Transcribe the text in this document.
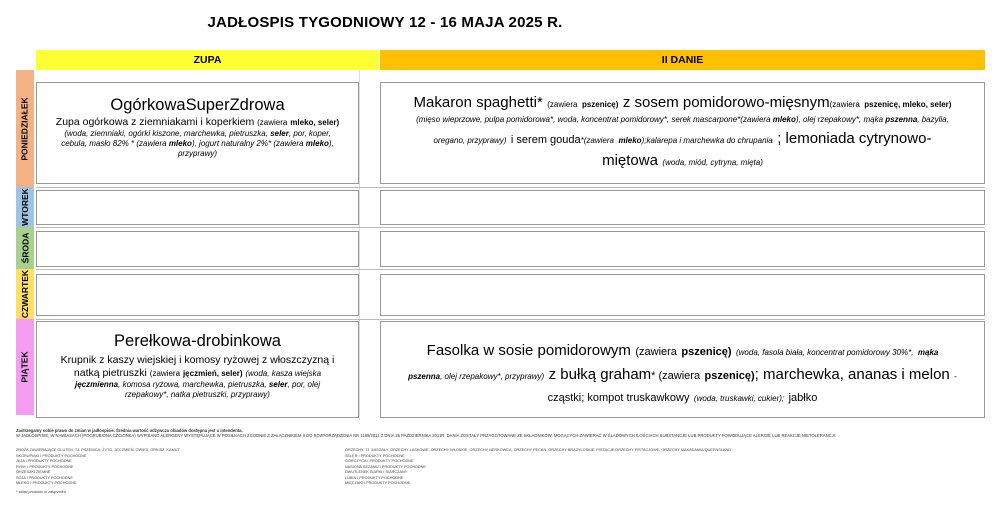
JADŁOSPIS TYGODNIOWY 12 - 16 MAJA 2025 R.
ZUPA	II DANIE
PONIEDZIAŁEK
WTOREK
ŚRODA
CZWARTEK
PIĄTEK
OgórkowaSuperZdrowa
Zupa ogórkowa z ziemniakami i koperkiem (zawiera mleko, seler)
(woda, ziemniaki, ogórki kiszone, marchewka, pietruszka, seler, por, koper,
cebula, masło 82% * (zawiera mleko), jogurt naturalny 2%* (zawiera mleko),
przyprawy)
Makaron spaghetti* (zawiera pszenicę) z sosem pomidorowo-mięsnym(zawiera pszenicę, mleko, seler)
(mięso wieprzowe, pulpa pomidorowa*, woda, koncentrat pomidorowy*, serek mascarpone*(zawiera mleko), olej rzepakowy*, mąka pszenna, bazylia,
oregano, przyprawy) i serem gouda*(zawiera mleko);kalarepa i marchewka do chrupania ; lemoniada cytrynowo-
miętowa (woda, miód, cytryna, mięta)
Perełkowa-drobinkowa
Krupnik z kaszy wiejskiej i komosy ryżowej z włoszczyzną i
natką pietruszki (zawiera jęczmień, seler) (woda, kasza wiejska
jęczmienna, komosa ryżowa, marchewka, pietruszka, seler, por, olej
rzepakowy*, natka pietruszki, przyprawy)
Fasolka w sosie pomidorowym (zawiera pszenicę) (woda, fasola biała, koncentrat pomidorowy 30%*, mąka
pszenna, olej rzepakowy*, przyprawy) z bułką graham* (zawiera pszenicę); marchewka, ananas i melon -
cząstki; kompot truskawkowy (woda, truskawki, cukier); jabłko
Zastrzegamy sobie prawo do zmian w jadłospisie. Średnia wartość odżywcza obiadów dostępna jest u intendenta.
W JADŁOSPISIE, W NAWIASACH (POGRUBIONA CZCIONKA) WYPISANO ALERGENY WYSTĘPUJĄCE W POSIŁKACH ZGODNIE Z ZAŁĄCZNIKIEM II DO ROZPORZĄDZENIA NR 1169/2011 Z DNIA 25 PAŹDZIERNIKA 2011R. DANIA ZOSTAŁY PRZYGOTOWANE ZE SKŁADNIKÓW, MOGĄCYCH ZAWIERAĆ W ŚLADOWYCH ILOŚCIACH SUBSTANCJE LUB PRODUKTY POWODUJĄCE ALERGIE LUB REAKCJE NIETOLERANCJI:
ZBOŻA ZAWIERAJĄCE GLUTEN, TJ. PSZENICA, ŻYTO, JĘCZMIEŃ, OWIES, ORKISZ, KAMUT
SKORUPIAKI I PRODUKTY POCHODNE
JAJA I PRODUKTY POCHODNE
RYBY I PRODUKTY POCHODNE
ORZESZKI ZIEMNE
SOJA I PRODUKTY POCHODNE
MLEKO I PRODUKTY POCHODNE
ORZECHY, TJ. MIGDAŁY, ORZECHY LASKOWE, ORZECHY WŁOSKIE, ORZECHY NERKOWCA, ORZECHY PECAN, ORZECHY BRAZYLIJSKIE, PISTACJE/ORZECHY PISTACJOWE, ORZECHY MAKADAMIA/QUEENSLAND
SELER I PRODUKTY POCHODNE
GORCZYCA I PRODUKTY POCHODNE
NASIONA SEZAMU I PRODUKTY POCHODNE
DWUTLENEK SIARKI I SIARCZANY
ŁUBIN I PRODUKTY POCHODNE
MIĘCZAKI I PRODUKTY POCHODNE
* skład produktu w załączniku
